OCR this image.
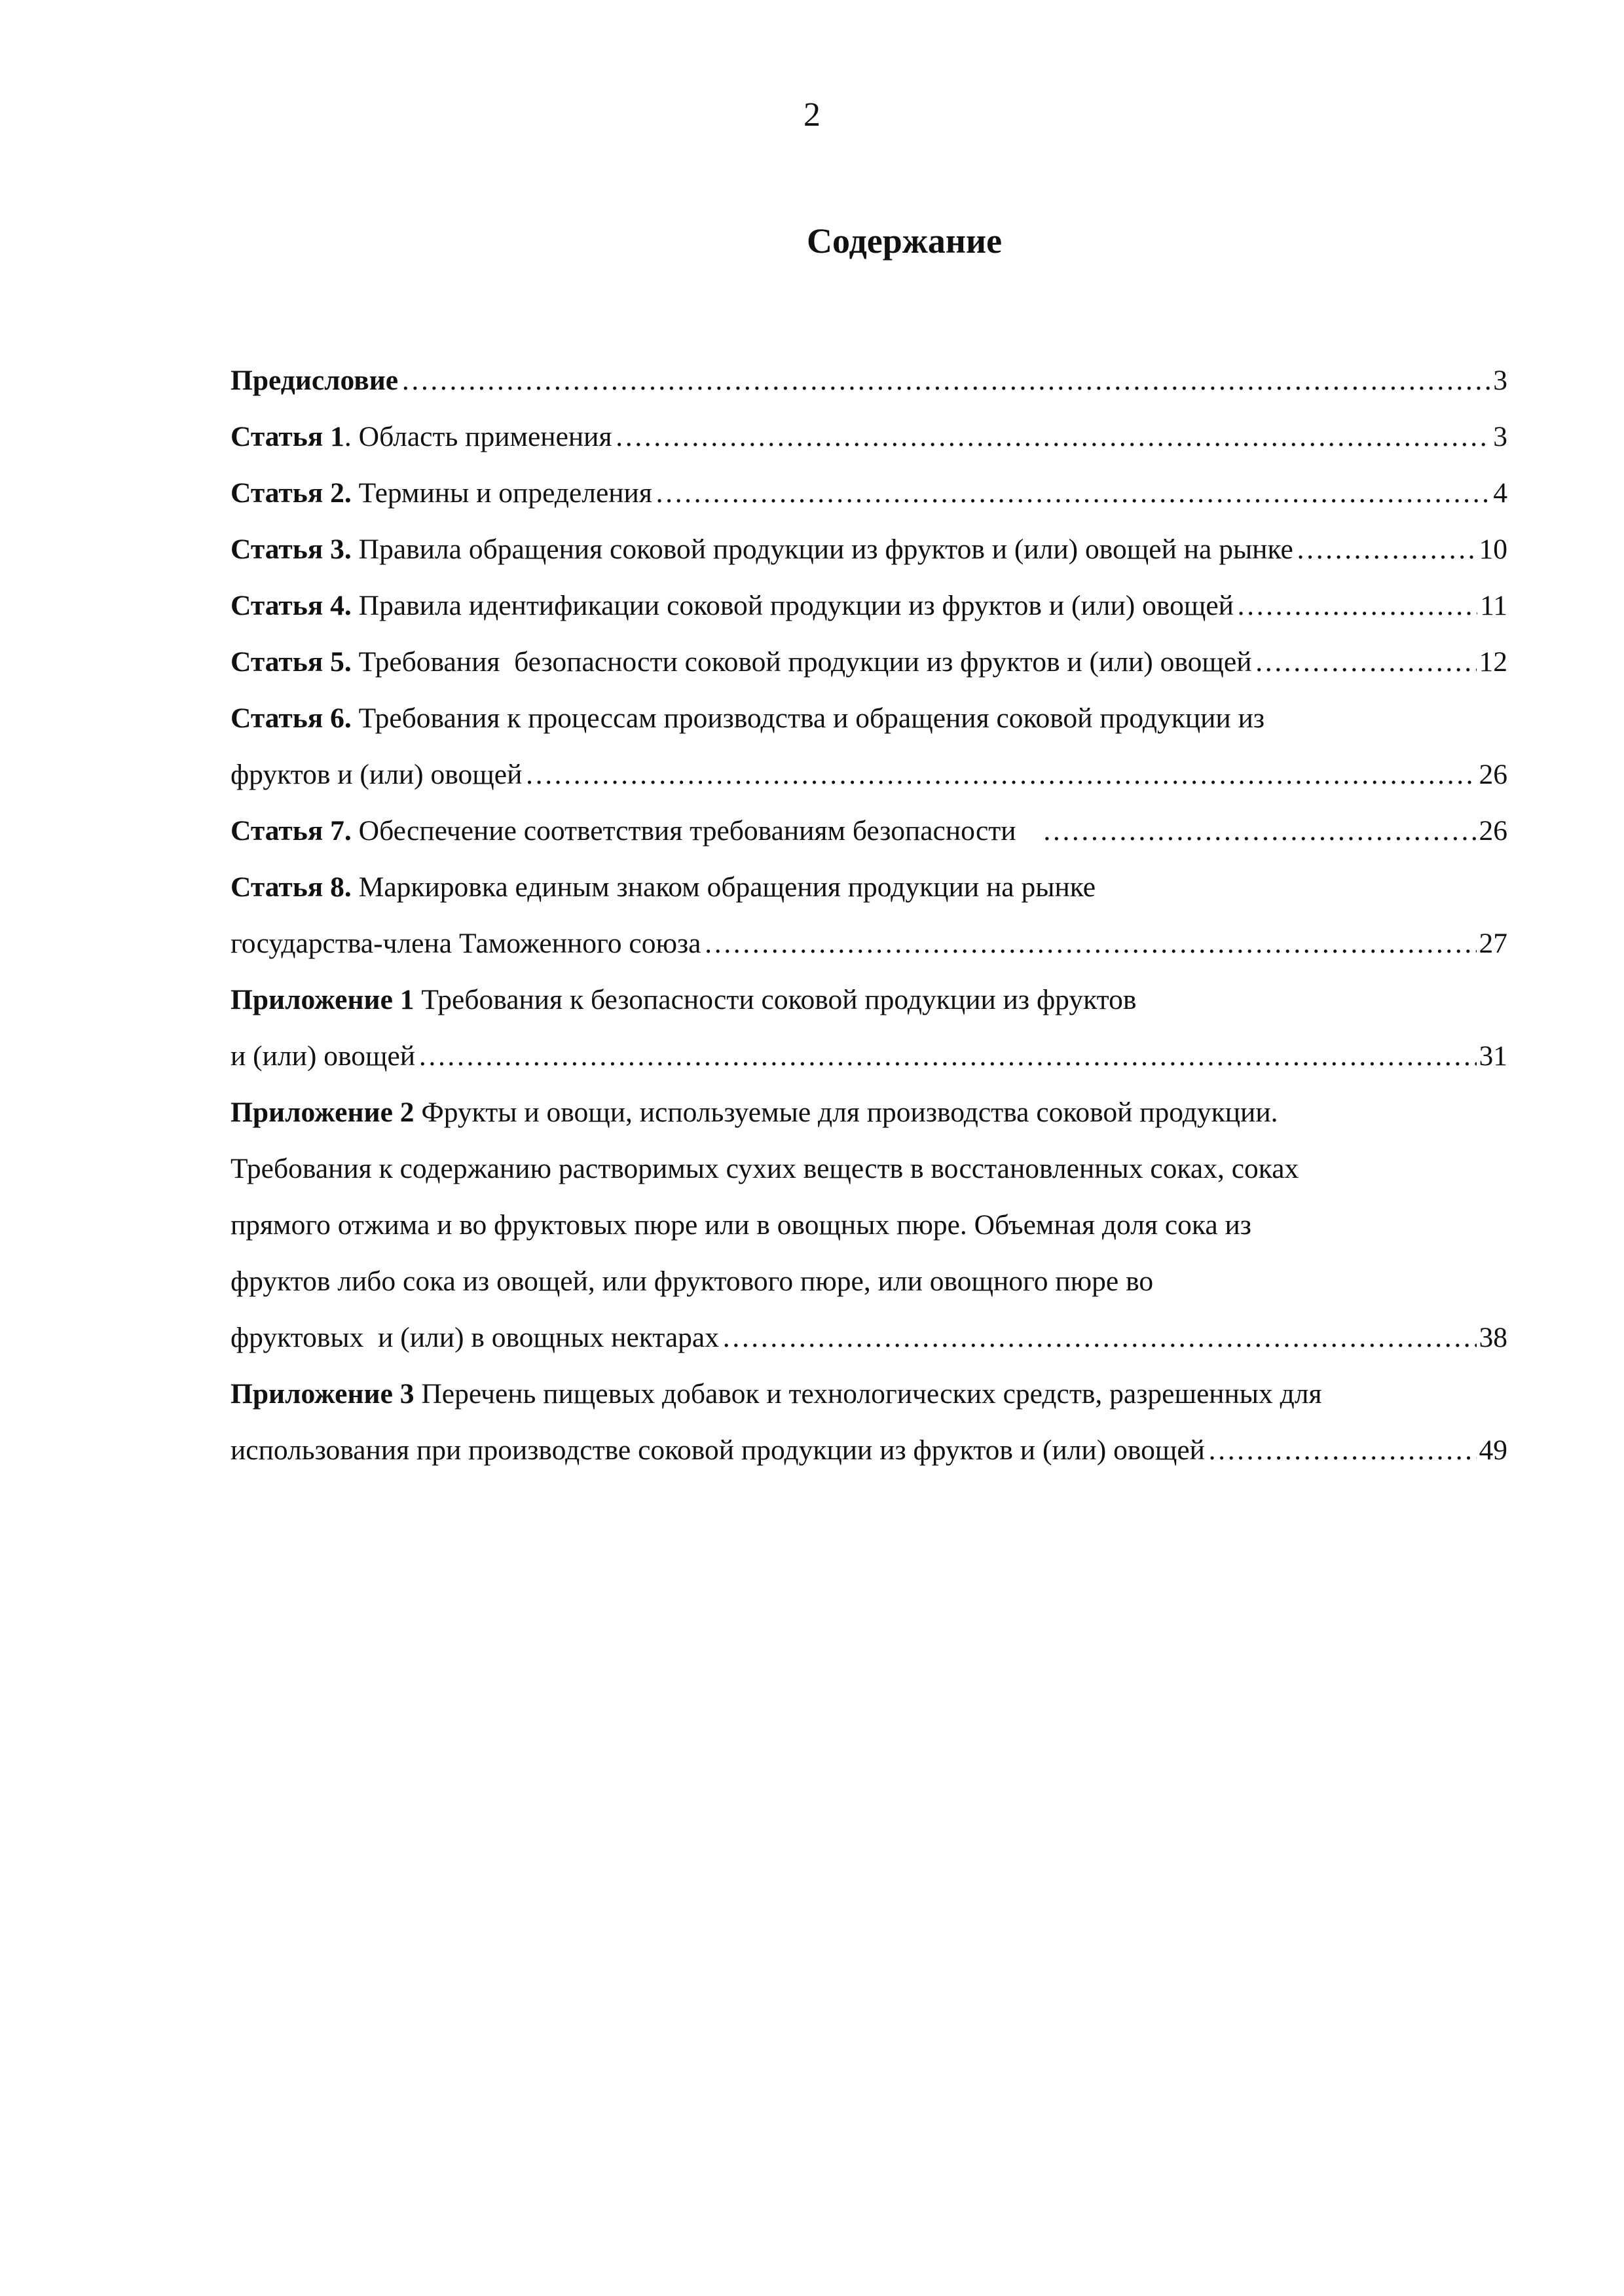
2
Содержание
Предисловие ………………………………………………………………………………………………………………………………………………………………………………………………………………	3
Статья 1. Область применения ………………………………………………………………………………………………………………………………………………………………………………………………………………	3
Статья 2. Термины и определения ………………………………………………………………………………………………………………………………………………………………………………………………………………	4
Статья 3. Правила обращения соковой продукции из фруктов и (или) овощей на рынке ………………………………………………………………………………………………………………………………………………………………………………………………………………	10
Статья 4. Правила идентификации соковой продукции из фруктов и (или) овощей ………………………………………………………………………………………………………………………………………………………………………………………………………………	11
Статья 5. Требования  безопасности соковой продукции из фруктов и (или) овощей ………………………………………………………………………………………………………………………………………………………………………………………………………………	12
Статья 6. Требования к процессам производства и обращения соковой продукции из
фруктов и (или) овощей ………………………………………………………………………………………………………………………………………………………………………………………………………………	26
Статья 7. Обеспечение соответствия требованиям безопасности ………………………………………………………………………………………………………………………………………………………………………………………………………………	26
Статья 8. Маркировка единым знаком обращения продукции на рынке
государства-члена Таможенного союза ………………………………………………………………………………………………………………………………………………………………………………………………………………	27
Приложение 1 Требования к безопасности соковой продукции из фруктов
и (или) овощей ………………………………………………………………………………………………………………………………………………………………………………………………………………	31
Приложение 2 Фрукты и овощи, используемые для производства соковой продукции.
Требования к содержанию растворимых сухих веществ в восстановленных соках, соках
прямого отжима и во фруктовых пюре или в овощных пюре. Объемная доля сока из
фруктов либо сока из овощей, или фруктового пюре, или овощного пюре во
фруктовых  и (или) в овощных нектарах ………………………………………………………………………………………………………………………………………………………………………………………………………………	38
Приложение 3 Перечень пищевых добавок и технологических средств, разрешенных для
использования при производстве соковой продукции из фруктов и (или) овощей ………………………………………………………………………………………………………………………………………………………………………………………………………………	49
